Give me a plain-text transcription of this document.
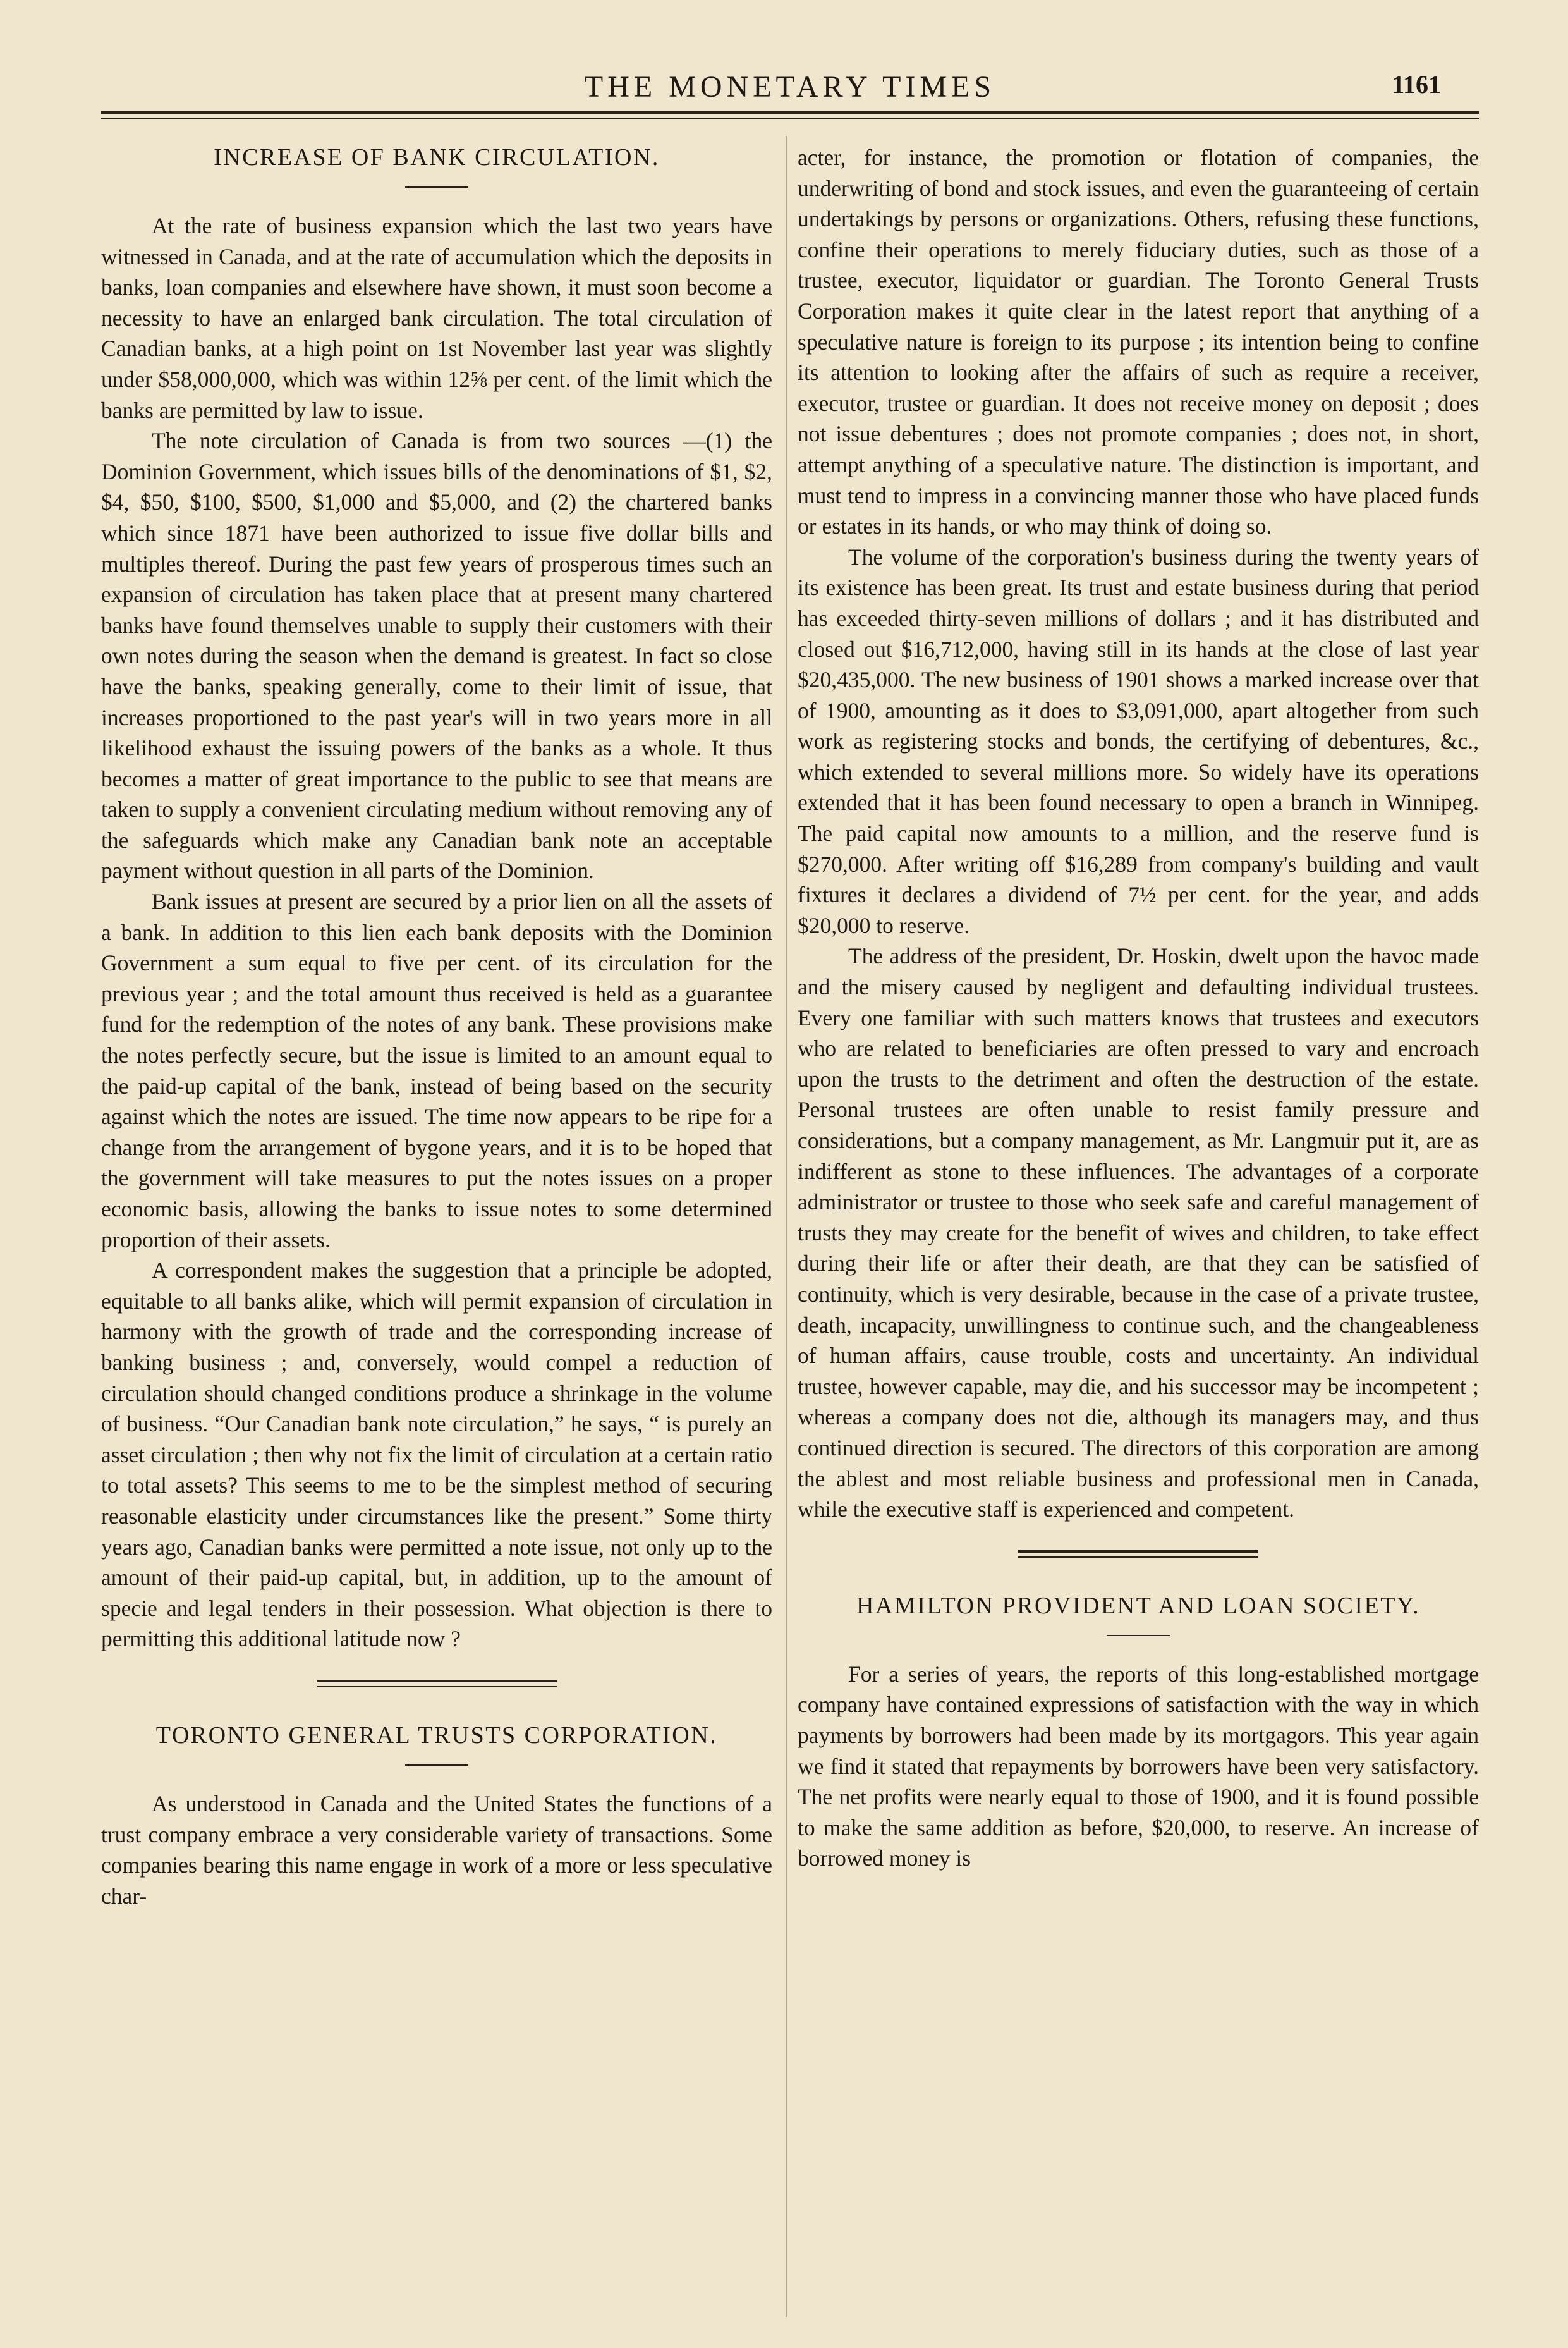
THE MONETARY TIMES	1161
INCREASE OF BANK CIRCULATION.

At the rate of business expansion which the last two years have witnessed in Canada, and at the rate of accumulation which the deposits in banks, loan companies and elsewhere have shown, it must soon become a necessity to have an enlarged bank circulation. The total circulation of Canadian banks, at a high point on 1st November last year was slightly under $58,000,000, which was within 12⅝ per cent. of the limit which the banks are permitted by law to issue.

The note circulation of Canada is from two sources —(1) the Dominion Government, which issues bills of the denominations of $1, $2, $4, $50, $100, $500, $1,000 and $5,000, and (2) the chartered banks which since 1871 have been authorized to issue five dollar bills and multiples thereof. During the past few years of prosperous times such an expansion of circulation has taken place that at present many chartered banks have found themselves unable to supply their customers with their own notes during the season when the demand is greatest. In fact so close have the banks, speaking generally, come to their limit of issue, that increases proportioned to the past year's will in two years more in all likelihood exhaust the issuing powers of the banks as a whole. It thus becomes a matter of great importance to the public to see that means are taken to supply a convenient circulating medium without removing any of the safeguards which make any Canadian bank note an acceptable payment without question in all parts of the Dominion.

Bank issues at present are secured by a prior lien on all the assets of a bank. In addition to this lien each bank deposits with the Dominion Government a sum equal to five per cent. of its circulation for the previous year ; and the total amount thus received is held as a guarantee fund for the redemption of the notes of any bank. These provisions make the notes perfectly secure, but the issue is limited to an amount equal to the paid-up capital of the bank, instead of being based on the security against which the notes are issued. The time now appears to be ripe for a change from the arrangement of bygone years, and it is to be hoped that the government will take measures to put the notes issues on a proper economic basis, allowing the banks to issue notes to some determined proportion of their assets.

A correspondent makes the suggestion that a principle be adopted, equitable to all banks alike, which will permit expansion of circulation in harmony with the growth of trade and the corresponding increase of banking business ; and, conversely, would compel a reduction of circulation should changed conditions produce a shrinkage in the volume of business. “Our Canadian bank note circulation,” he says, “ is purely an asset circulation ; then why not fix the limit of circulation at a certain ratio to total assets? This seems to me to be the simplest method of securing reasonable elasticity under circumstances like the present.” Some thirty years ago, Canadian banks were permitted a note issue, not only up to the amount of their paid-up capital, but, in addition, up to the amount of specie and legal tenders in their possession. What objection is there to permitting this additional latitude now ?

TORONTO GENERAL TRUSTS CORPORATION.

As understood in Canada and the United States the functions of a trust company embrace a very considerable variety of transactions. Some companies bearing this name engage in work of a more or less speculative char-

acter, for instance, the promotion or flotation of companies, the underwriting of bond and stock issues, and even the guaranteeing of certain undertakings by persons or organizations. Others, refusing these functions, confine their operations to merely fiduciary duties, such as those of a trustee, executor, liquidator or guardian. The Toronto General Trusts Corporation makes it quite clear in the latest report that anything of a speculative nature is foreign to its purpose ; its intention being to confine its attention to looking after the affairs of such as require a receiver, executor, trustee or guardian. It does not receive money on deposit ; does not issue debentures ; does not promote companies ; does not, in short, attempt anything of a speculative nature. The distinction is important, and must tend to impress in a convincing manner those who have placed funds or estates in its hands, or who may think of doing so.

The volume of the corporation's business during the twenty years of its existence has been great. Its trust and estate business during that period has exceeded thirty-seven millions of dollars ; and it has distributed and closed out $16,712,000, having still in its hands at the close of last year $20,435,000. The new business of 1901 shows a marked increase over that of 1900, amounting as it does to $3,091,000, apart altogether from such work as registering stocks and bonds, the certifying of debentures, &c., which extended to several millions more. So widely have its operations extended that it has been found necessary to open a branch in Winnipeg. The paid capital now amounts to a million, and the reserve fund is $270,000. After writing off $16,289 from company's building and vault fixtures it declares a dividend of 7½ per cent. for the year, and adds $20,000 to reserve.

The address of the president, Dr. Hoskin, dwelt upon the havoc made and the misery caused by negligent and defaulting individual trustees. Every one familiar with such matters knows that trustees and executors who are related to beneficiaries are often pressed to vary and encroach upon the trusts to the detriment and often the destruction of the estate. Personal trustees are often unable to resist family pressure and considerations, but a company management, as Mr. Langmuir put it, are as indifferent as stone to these influences. The advantages of a corporate administrator or trustee to those who seek safe and careful management of trusts they may create for the benefit of wives and children, to take effect during their life or after their death, are that they can be satisfied of continuity, which is very desirable, because in the case of a private trustee, death, incapacity, unwillingness to continue such, and the changeableness of human affairs, cause trouble, costs and uncertainty. An individual trustee, however capable, may die, and his successor may be incompetent ; whereas a company does not die, although its managers may, and thus continued direction is secured. The directors of this corporation are among the ablest and most reliable business and professional men in Canada, while the executive staff is experienced and competent.

HAMILTON PROVIDENT AND LOAN SOCIETY.

For a series of years, the reports of this long-established mortgage company have contained expressions of satisfaction with the way in which payments by borrowers had been made by its mortgagors. This year again we find it stated that repayments by borrowers have been very satisfactory. The net profits were nearly equal to those of 1900, and it is found possible to make the same addition as before, $20,000, to reserve. An increase of borrowed money is
